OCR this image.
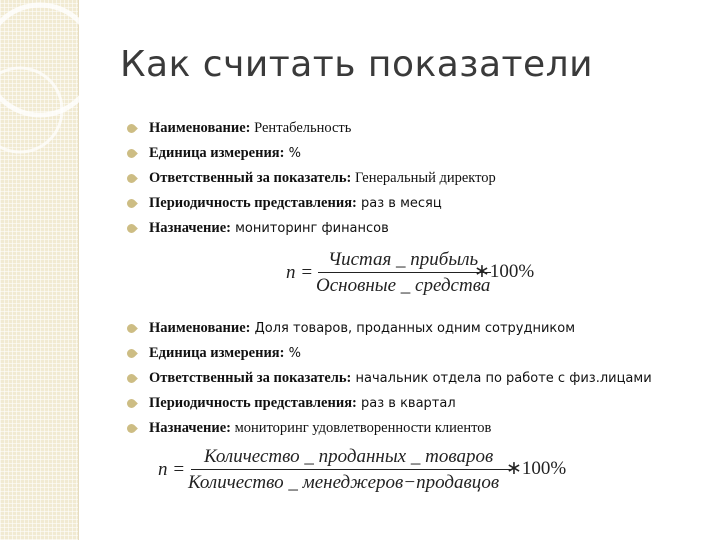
Как считать показатели
Наименование: Рентабельность
Единица измерения: %
Ответственный за показатель: Генеральный директор
Периодичность представления: раз в месяц
Назначение: мониторинг финансов
n =
Чистая _ прибыль
Основные _ средства
∗100%
Наименование: Доля товаров, проданных одним сотрудником
Единица измерения: %
Ответственный за показатель: начальник отдела по работе с физ.лицами
Периодичность представления: раз в квартал
Назначение: мониторинг удовлетворенности клиентов
n =
Количество _ проданных _ товаров
Количество _ менеджеров−продавцов
∗100%
